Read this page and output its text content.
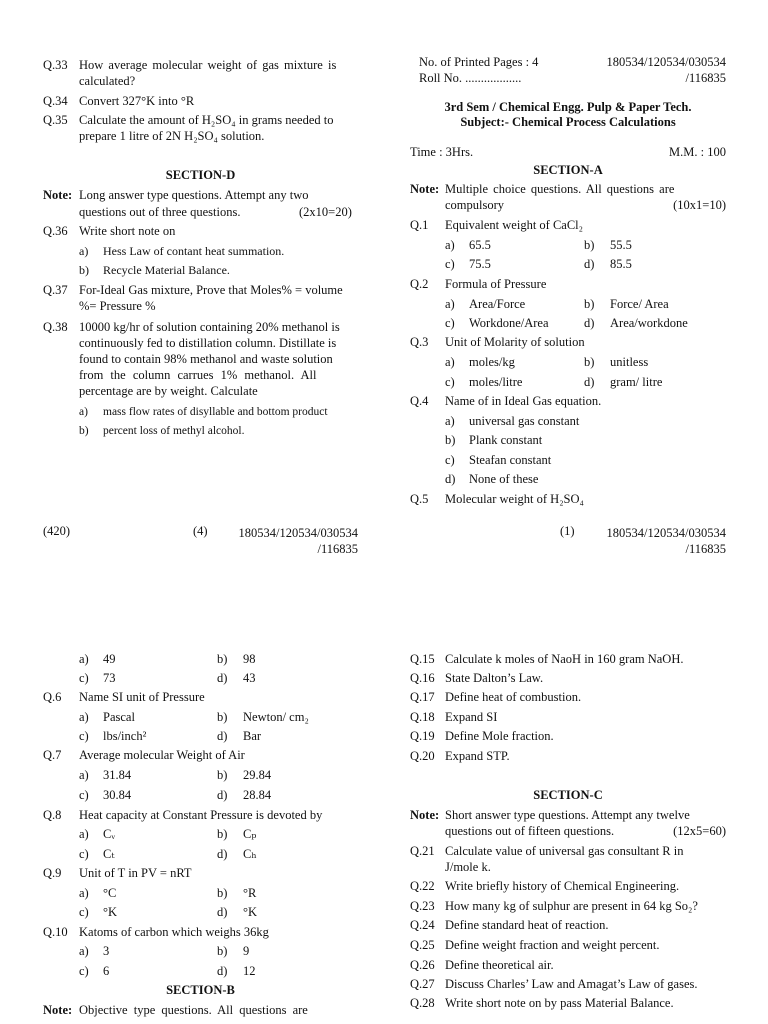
Q.33 How average molecular weight of gas mixture is
calculated?
Q.34 Convert 327°K into °R
Q.35 Calculate the amount of H₂SO₄ in grams needed to
prepare 1 litre of 2N H₂SO₄ solution.
SECTION-D
Note: Long answer type questions. Attempt any two
questions out of three questions.	(2x10=20)
Q.36 Write short note on
a) Hess Law of contant heat summation.
b) Recycle Material Balance.
Q.37 For-Ideal Gas mixture, Prove that Moles% = volume
%= Pressure %
Q.38 10000 kg/hr of solution containing 20% methanol is
continuously fed to distillation column. Distillate is
found to contain 98% methanol and waste solution
from the column carrues 1% methanol. All
percentage are by weight. Calculate
a) mass flow rates of disyllable and bottom product
b) percent loss of methyl alcohol.
(420)	(4)	180534/120534/030534
/116835
No. of Printed Pages : 4
Roll No. ..................
180534/120534/030534
/116835
3rd Sem / Chemical Engg. Pulp & Paper Tech.
Subject:- Chemical Process Calculations
Time : 3Hrs.	M.M. : 100
SECTION-A
Note: Multiple choice questions. All questions are
compulsory	(10x1=10)
Q.1 Equivalent weight of CaCl₂
a) 65.5	b) 55.5
c) 75.5	d) 85.5
Q.2 Formula of Pressure
a) Area/Force	b) Force/ Area
c) Workdone/Area	d) Area/workdone
Q.3 Unit of Molarity of solution
a) moles/kg	b) unitless
c) moles/litre	d) gram/ litre
Q.4 Name of in Ideal Gas equation.
a) universal gas constant
b) Plank constant
c) Steafan constant
d) None of these
Q.5 Molecular weight of H₂SO₄
(1)	180534/120534/030534
/116835
a) 49	b) 98
c) 73	d) 43
Q.6 Name SI unit of Pressure
a) Pascal	b) Newton/ cm₂
c) lbs/inch²	d) Bar
Q.7 Average molecular Weight of Air
a) 31.84	b) 29.84
c) 30.84	d) 28.84
Q.8 Heat capacity at Constant Pressure is devoted by
a) Cᵥ	b) Cₚ
c) Cₜ	d) Cₕ
Q.9 Unit of T in PV = nRT
a) °C	b) °R
c) °K	d) °K
Q.10 Katoms of carbon which weighs 36kg
a) 3	b) 9
c) 6	d) 12
SECTION-B
Note: Objective type questions. All questions are
Q.15 Calculate k moles of NaoH in 160 gram NaOH.
Q.16 State Dalton’s Law.
Q.17 Define heat of combustion.
Q.18 Expand SI
Q.19 Define Mole fraction.
Q.20 Expand STP.
SECTION-C
Note: Short answer type questions. Attempt any twelve
questions out of fifteen questions.	(12x5=60)
Q.21 Calculate value of universal gas consultant R in
J/mole k.
Q.22 Write briefly history of Chemical Engineering.
Q.23 How many kg of sulphur are present in 64 kg So₂?
Q.24 Define standard heat of reaction.
Q.25 Define weight fraction and weight percent.
Q.26 Define theoretical air.
Q.27 Discuss Charles’ Law and Amagat’s Law of gases.
Q.28 Write short note on by pass Material Balance.
